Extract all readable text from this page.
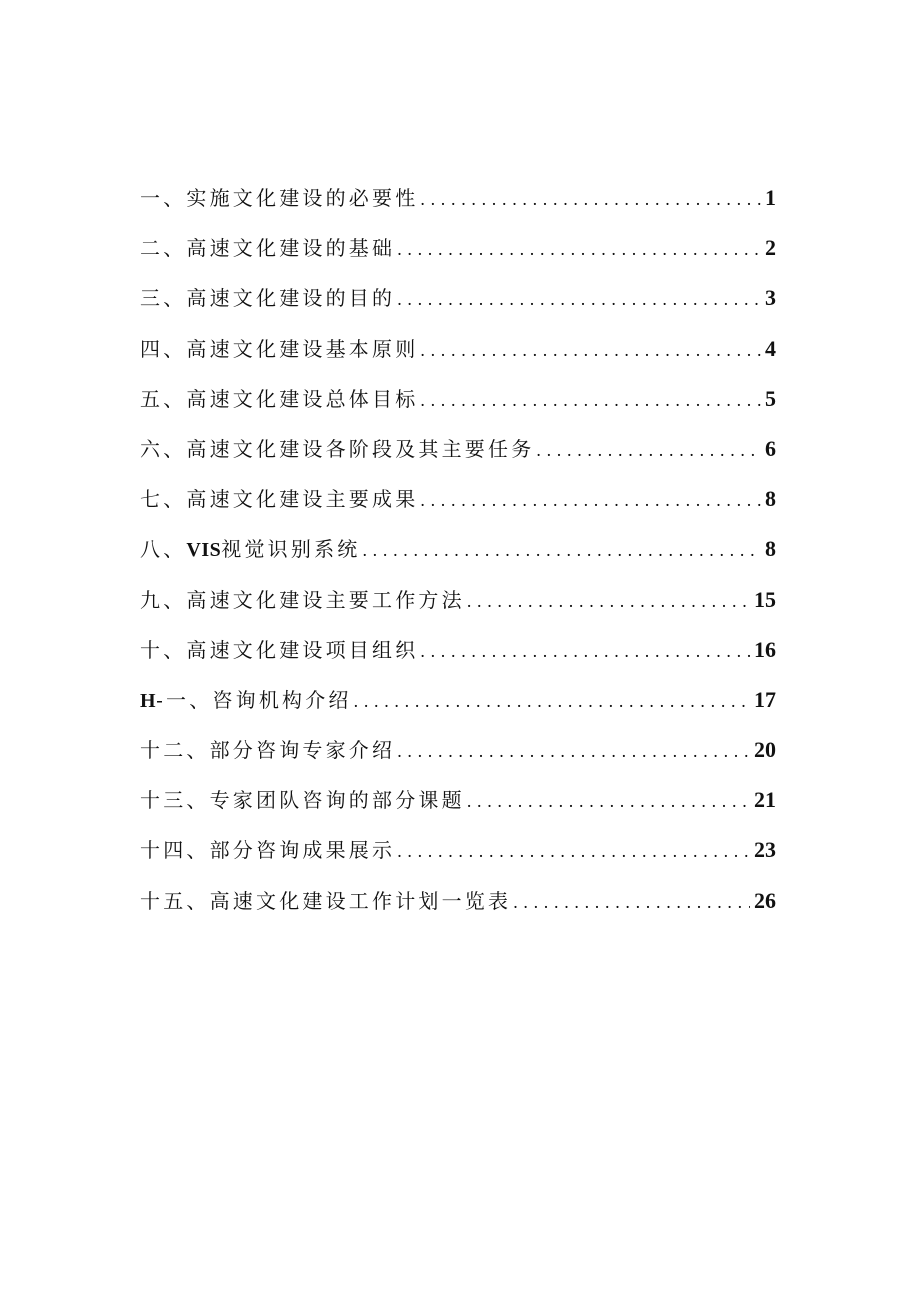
一、实施文化建设的必要性 . . .	1
二、高速文化建设的基础 . . .	2
三、高速文化建设的目的 . . .	3
四、高速文化建设基本原则 . . .	4
五、高速文化建设总体目标 . . .	5
六、高速文化建设各阶段及其主要任务 . . .	6
七、高速文化建设主要成果 . . .	8
八、VIS视觉识别系统 . . .	8
九、高速文化建设主要工作方法 . . .	15
十、高速文化建设项目组织 . . .	16
H-一、咨询机构介绍 . . .	17
十二、部分咨询专家介绍 . . .	20
十三、专家团队咨询的部分课题 . . .	21
十四、部分咨询成果展示 . . .	23
十五、高速文化建设工作计划一览表 . . .	26
